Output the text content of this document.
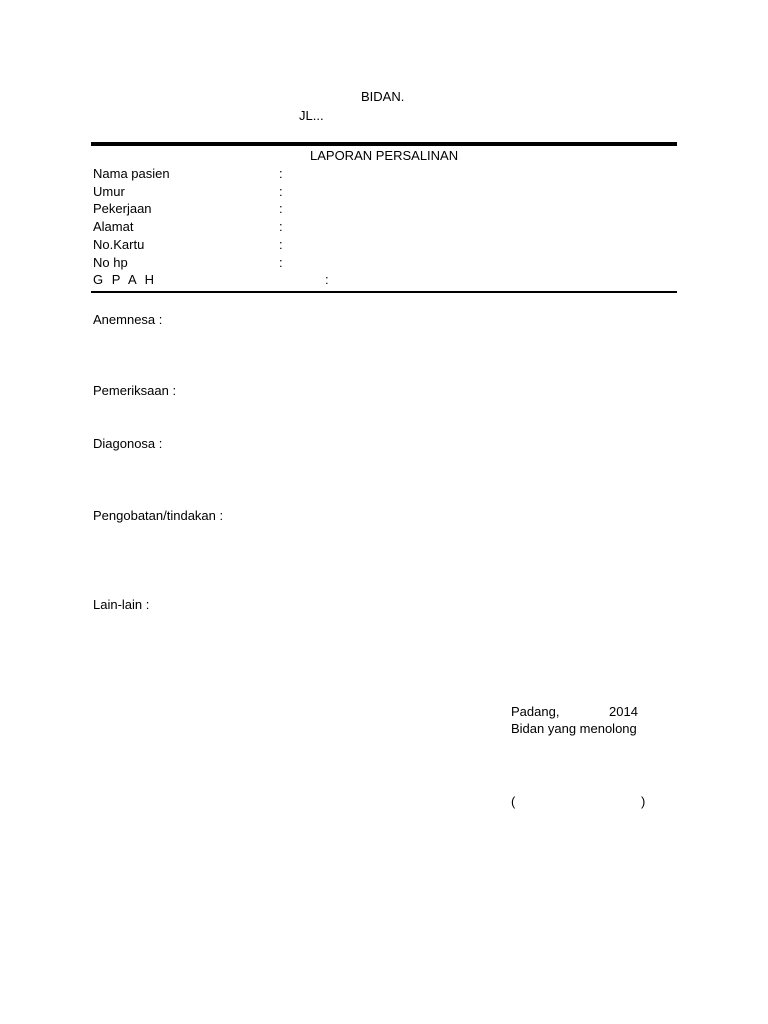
BIDAN.
JL...
LAPORAN PERSALINAN
Nama pasien	:
Umur	:
Pekerjaan	:
Alamat	:
No.Kartu	:
No hp	:
G P A H	:
Anemnesa :
Pemeriksaan :
Diagonosa :
Pengobatan/tindakan :
Lain-lain :
Padang,	2014
Bidan yang menolong
(	)
